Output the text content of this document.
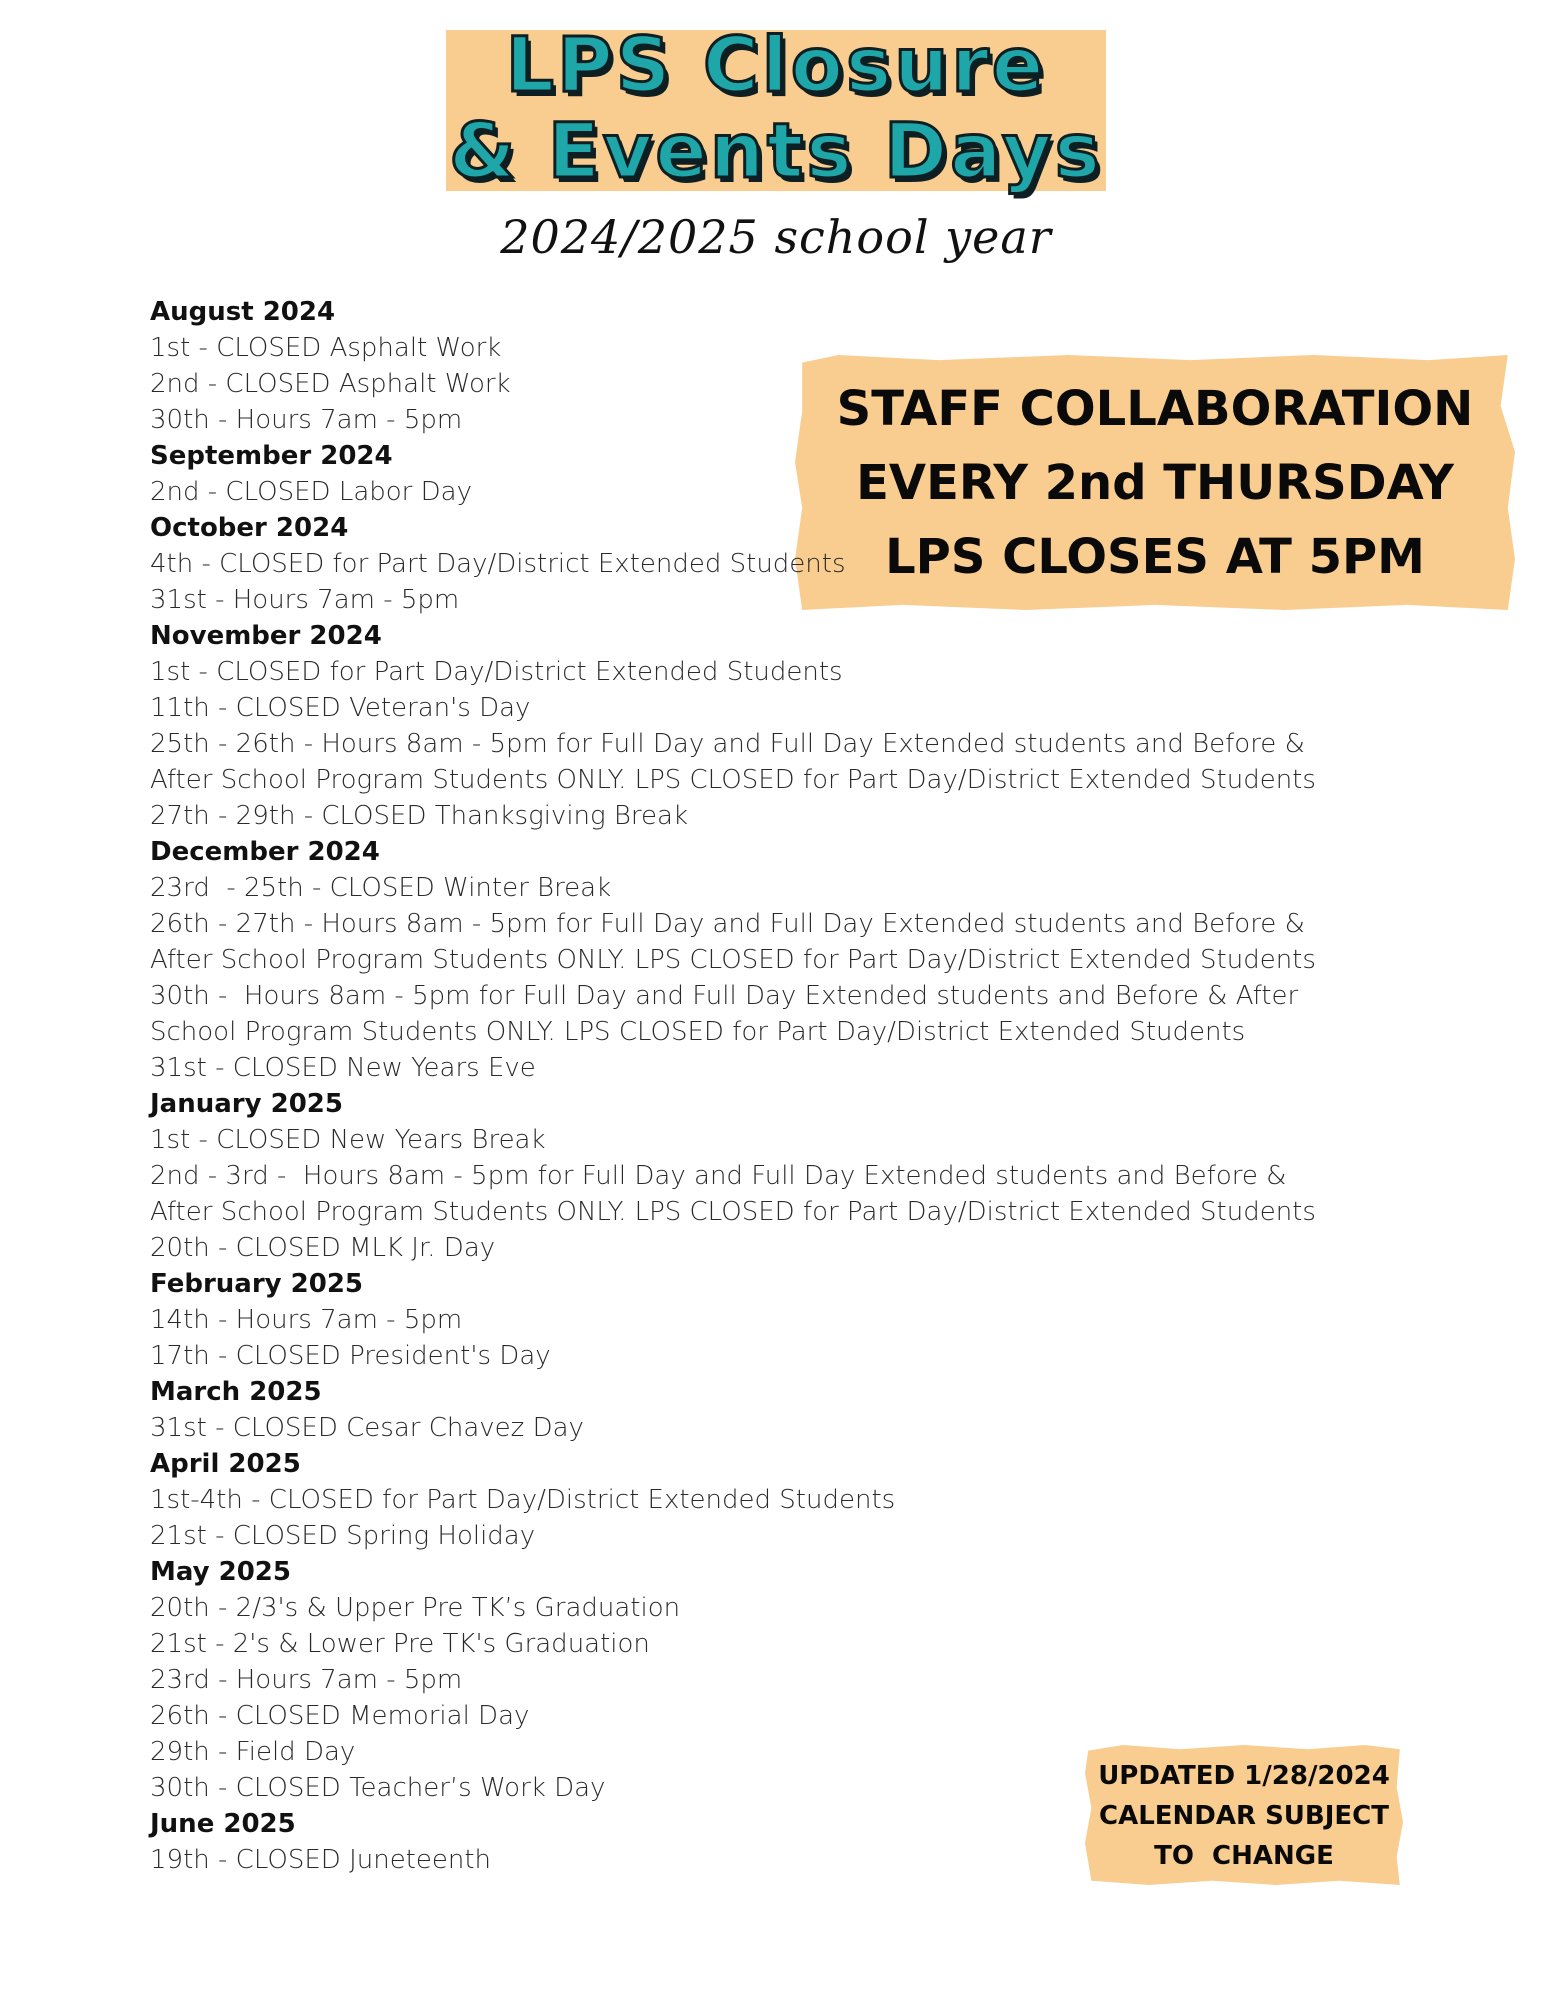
LPS Closure
& Events Days
2024/2025 school year
STAFF COLLABORATION
EVERY 2nd THURSDAY
LPS CLOSES AT 5PM
August 2024
1st - CLOSED Asphalt Work
2nd - CLOSED Asphalt Work
30th - Hours 7am - 5pm
September 2024
2nd - CLOSED Labor Day
October 2024
4th - CLOSED for Part Day/District Extended Students
31st - Hours 7am - 5pm
November 2024
1st - CLOSED for Part Day/District Extended Students
11th - CLOSED Veteran's Day
25th - 26th - Hours 8am - 5pm for Full Day and Full Day Extended students and Before & After School Program Students ONLY. LPS CLOSED for Part Day/District Extended Students
27th - 29th - CLOSED Thanksgiving Break
December 2024
23rd  - 25th - CLOSED Winter Break
26th - 27th - Hours 8am - 5pm for Full Day and Full Day Extended students and Before & After School Program Students ONLY. LPS CLOSED for Part Day/District Extended Students
30th -  Hours 8am - 5pm for Full Day and Full Day Extended students and Before & After School Program Students ONLY. LPS CLOSED for Part Day/District Extended Students
31st - CLOSED New Years Eve
January 2025
1st - CLOSED New Years Break
2nd - 3rd -  Hours 8am - 5pm for Full Day and Full Day Extended students and Before & After School Program Students ONLY. LPS CLOSED for Part Day/District Extended Students
20th - CLOSED MLK Jr. Day
February 2025
14th - Hours 7am - 5pm
17th - CLOSED President's Day
March 2025
31st - CLOSED Cesar Chavez Day
April 2025
1st-4th - CLOSED for Part Day/District Extended Students
21st - CLOSED Spring Holiday
May 2025
20th - 2/3's & Upper Pre TK’s Graduation
21st - 2's & Lower Pre TK's Graduation
23rd - Hours 7am - 5pm
26th - CLOSED Memorial Day
29th - Field Day
30th - CLOSED Teacher’s Work Day
June 2025
19th - CLOSED Juneteenth
UPDATED 1/28/2024
CALENDAR SUBJECT
TO  CHANGE
